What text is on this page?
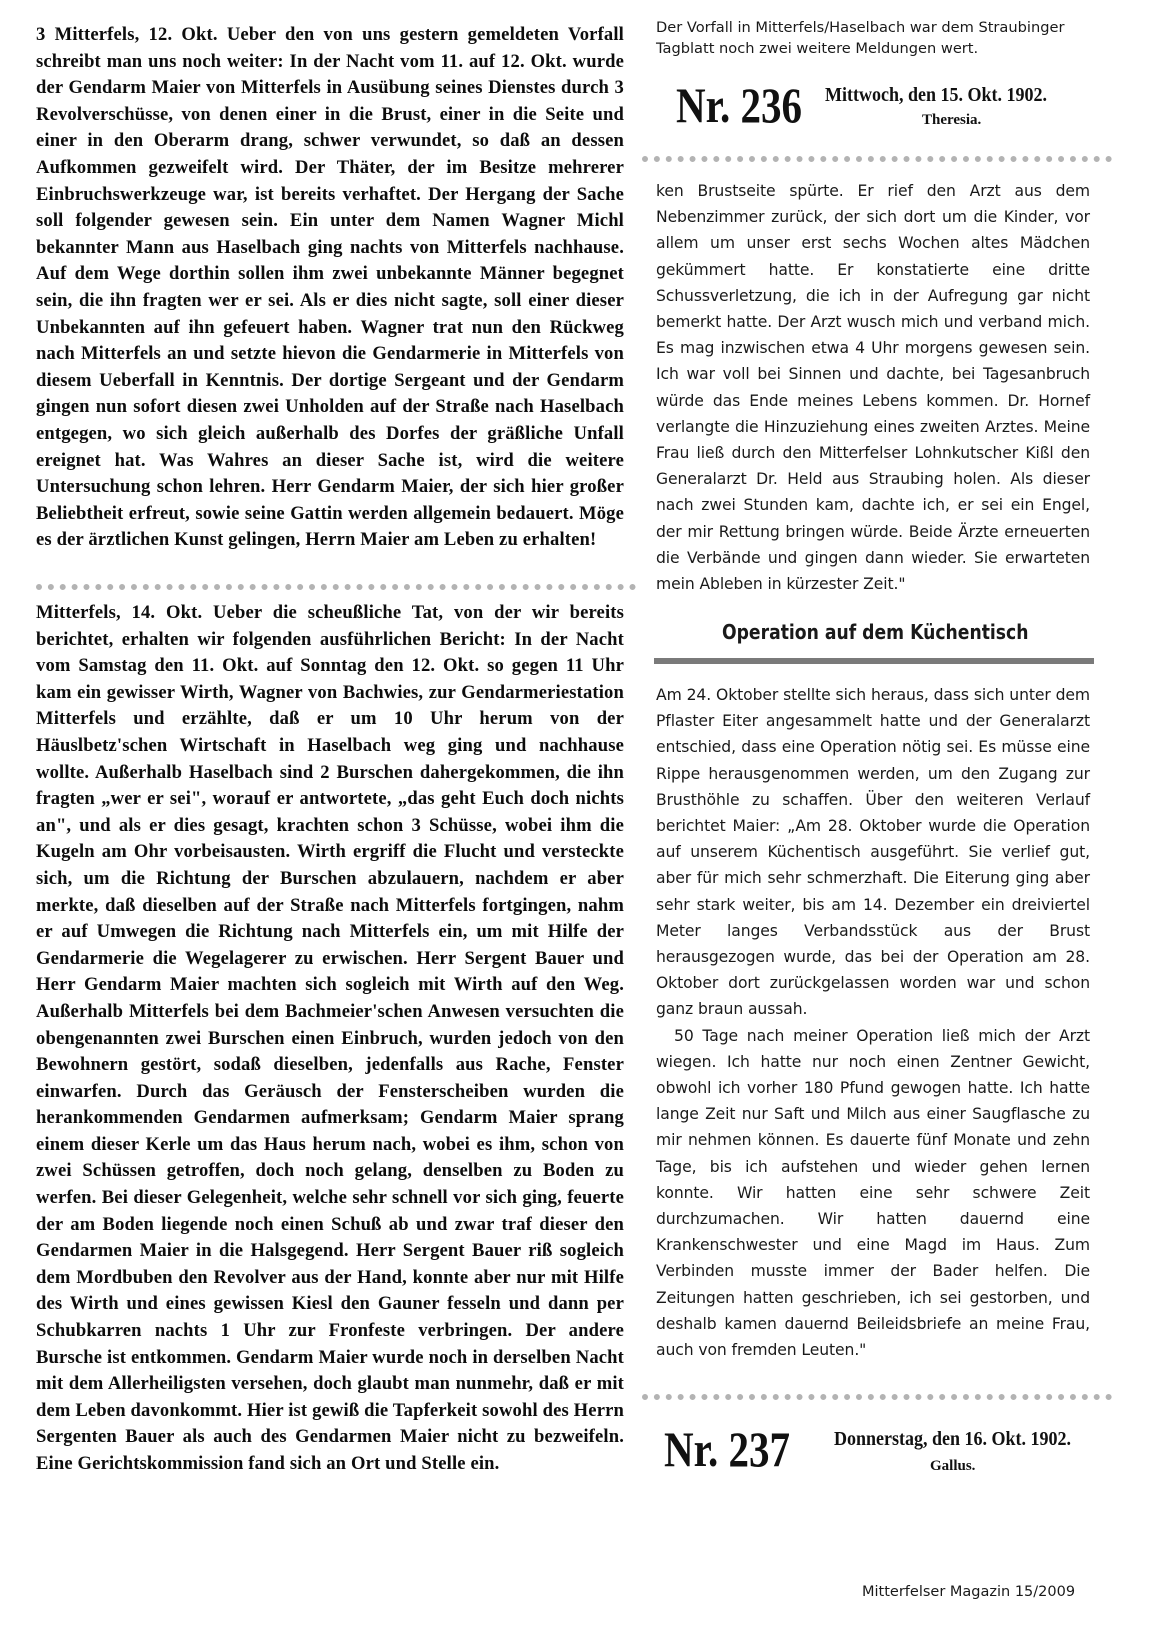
3 Mitterfels, 12. Okt. Ueber den von uns gestern gemeldeten Vorfall schreibt man uns noch weiter: In der Nacht vom 11. auf 12. Okt. wurde der Gendarm Maier von Mitterfels in Ausübung seines Dienstes durch 3 Revolverschüsse, von denen einer in die Brust, einer in die Seite und einer in den Oberarm drang, schwer verwundet, so daß an dessen Aufkommen gezweifelt wird. Der Thäter, der im Besitze mehrerer Einbruchswerkzeuge war, ist bereits verhaftet. Der Hergang der Sache soll folgender gewesen sein. Ein unter dem Namen Wagner Michl bekannter Mann aus Haselbach ging nachts von Mitterfels nachhause. Auf dem Wege dorthin sollen ihm zwei unbekannte Männer begegnet sein, die ihn fragten wer er sei. Als er dies nicht sagte, soll einer dieser Unbekannten auf ihn gefeuert haben. Wagner trat nun den Rückweg nach Mitterfels an und setzte hievon die Gendarmerie in Mitterfels von diesem Ueberfall in Kenntnis. Der dortige Sergeant und der Gendarm gingen nun sofort diesen zwei Unholden auf der Straße nach Haselbach entgegen, wo sich gleich außerhalb des Dorfes der gräßliche Unfall ereignet hat. Was Wahres an dieser Sache ist, wird die weitere Untersuchung schon lehren. Herr Gendarm Maier, der sich hier großer Beliebtheit erfreut, sowie seine Gattin werden allgemein bedauert. Möge es der ärztlichen Kunst gelingen, Herrn Maier am Leben zu erhalten!

Mitterfels, 14. Okt. Ueber die scheußliche Tat, von der wir bereits berichtet, erhalten wir folgenden ausführlichen Bericht: In der Nacht vom Samstag den 11. Okt. auf Sonntag den 12. Okt. so gegen 11 Uhr kam ein gewisser Wirth, Wagner von Bachwies, zur Gendarmeriestation Mitterfels und erzählte, daß er um 10 Uhr herum von der Häuslbetz'schen Wirtschaft in Haselbach weg ging und nachhause wollte. Außerhalb Haselbach sind 2 Burschen dahergekommen, die ihn fragten „wer er sei", worauf er antwortete, „das geht Euch doch nichts an", und als er dies gesagt, krachten schon 3 Schüsse, wobei ihm die Kugeln am Ohr vorbeisausten. Wirth ergriff die Flucht und versteckte sich, um die Richtung der Burschen abzulauern, nachdem er aber merkte, daß dieselben auf der Straße nach Mitterfels fortgingen, nahm er auf Umwegen die Richtung nach Mitterfels ein, um mit Hilfe der Gendarmerie die Wegelagerer zu erwischen. Herr Sergent Bauer und Herr Gendarm Maier machten sich sogleich mit Wirth auf den Weg. Außerhalb Mitterfels bei dem Bachmeier'schen Anwesen versuchten die obengenannten zwei Burschen einen Einbruch, wurden jedoch von den Bewohnern gestört, sodaß dieselben, jedenfalls aus Rache, Fenster einwarfen. Durch das Geräusch der Fensterscheiben wurden die herankommenden Gendarmen aufmerksam; Gendarm Maier sprang einem dieser Kerle um das Haus herum nach, wobei es ihm, schon von zwei Schüssen getroffen, doch noch gelang, denselben zu Boden zu werfen. Bei dieser Gelegenheit, welche sehr schnell vor sich ging, feuerte der am Boden liegende noch einen Schuß ab und zwar traf dieser den Gendarmen Maier in die Halsgegend. Herr Sergent Bauer riß sogleich dem Mordbuben den Revolver aus der Hand, konnte aber nur mit Hilfe des Wirth und eines gewissen Kiesl den Gauner fesseln und dann per Schubkarren nachts 1 Uhr zur Fronfeste verbringen. Der andere Bursche ist entkommen. Gendarm Maier wurde noch in derselben Nacht mit dem Allerheiligsten versehen, doch glaubt man nunmehr, daß er mit dem Leben davonkommt. Hier ist gewiß die Tapferkeit sowohl des Herrn Sergenten Bauer als auch des Gendarmen Maier nicht zu bezweifeln. Eine Gerichtskommission fand sich an Ort und Stelle ein.

Der Vorfall in Mitterfels/Haselbach war dem Straubinger Tagblatt noch zwei weitere Meldungen wert.
Nr. 236 Mittwoch, den 15. Okt. 1902.
Theresia.

ken Brustseite spürte. Er rief den Arzt aus dem Nebenzimmer zurück, der sich dort um die Kinder, vor allem um unser erst sechs Wochen altes Mädchen gekümmert hatte. Er konstatierte eine dritte Schussverletzung, die ich in der Aufregung gar nicht bemerkt hatte. Der Arzt wusch mich und verband mich. Es mag inzwischen etwa 4 Uhr morgens gewesen sein. Ich war voll bei Sinnen und dachte, bei Tagesanbruch würde das Ende meines Lebens kommen. Dr. Hornef verlangte die Hinzuziehung eines zweiten Arztes. Meine Frau ließ durch den Mitterfelser Lohnkutscher Kißl den Generalarzt Dr. Held aus Straubing holen. Als dieser nach zwei Stunden kam, dachte ich, er sei ein Engel, der mir Rettung bringen würde. Beide Ärzte erneuerten die Verbände und gingen dann wieder. Sie erwarteten mein Ableben in kürzester Zeit."

Operation auf dem Küchentisch

Am 24. Oktober stellte sich heraus, dass sich unter dem Pflaster Eiter angesammelt hatte und der Generalarzt entschied, dass eine Operation nötig sei. Es müsse eine Rippe herausgenommen werden, um den Zugang zur Brusthöhle zu schaffen. Über den weiteren Verlauf berichtet Maier: „Am 28. Oktober wurde die Operation auf unserem Küchentisch ausgeführt. Sie verlief gut, aber für mich sehr schmerzhaft. Die Eiterung ging aber sehr stark weiter, bis am 14. Dezember ein dreiviertel Meter langes Verbandsstück aus der Brust herausgezogen wurde, das bei der Operation am 28. Oktober dort zurückgelassen worden war und schon ganz braun aussah.

50 Tage nach meiner Operation ließ mich der Arzt wiegen. Ich hatte nur noch einen Zentner Gewicht, obwohl ich vorher 180 Pfund gewogen hatte. Ich hatte lange Zeit nur Saft und Milch aus einer Saugflasche zu mir nehmen können. Es dauerte fünf Monate und zehn Tage, bis ich aufstehen und wieder gehen lernen konnte. Wir hatten eine sehr schwere Zeit durchzumachen. Wir hatten dauernd eine Krankenschwester und eine Magd im Haus. Zum Verbinden musste immer der Bader helfen. Die Zeitungen hatten geschrieben, ich sei gestorben, und deshalb kamen dauernd Beileidsbriefe an meine Frau, auch von fremden Leuten."

Nr. 237 Donnerstag, den 16. Okt. 1902.
Gallus.
Mitterfelser Magazin 15/2009
